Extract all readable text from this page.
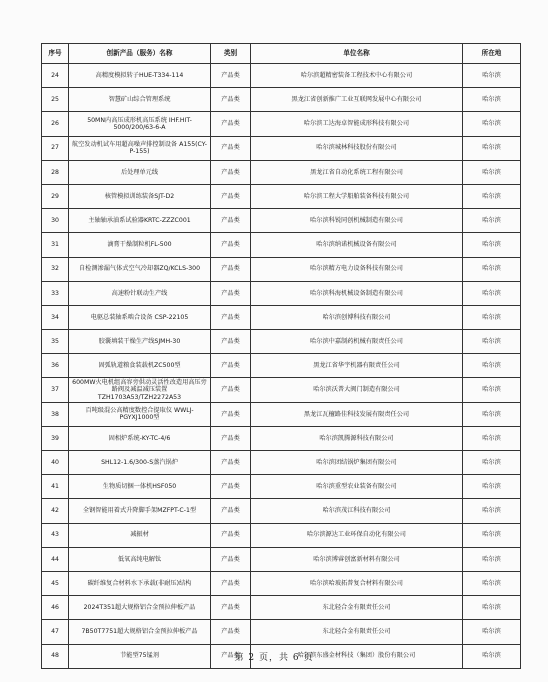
序号	创新产品（服务）名称	类别	单位名称	所在地
24	高精度模拟转子HUE-T334-114	产品类	哈尔滨超精密装备工程技术中心有限公司	哈尔滨
25	智慧矿山综合管理系统	产品类	黑龙江省创新推广工业互联网发展中心有限公司	哈尔滨
26	50MN内高压成形机高压系统 IHF.HIT-5000/200/63-6-A	产品类	哈尔滨工达海卓智能成形科技有限公司	哈尔滨
27	航空发动机试车用超高噪声排控制设备 A155(CY-P-155)	产品类	哈尔滨城林科技股份有限公司	哈尔滨
28	后处理单元线	产品类	黑龙江省自动化系统工程有限公司	哈尔滨
29	核管模拟训练装备SJT-D2	产品类	哈尔滨工程大学船舶装备科技有限公司	哈尔滨
30	主轴轴承油系试验器KRTC-ZZZC001	产品类	哈尔滨科锐同创机械制造有限公司	哈尔滨
31	滴膏干燥制粒机FL-500	产品类	哈尔滨纳诺机械设备有限公司	哈尔滨
32	自检测渗漏气体式空气冷却器ZQ/KCLS-300	产品类	哈尔滨精方电力设备科技有限公司	哈尔滨
33	高速粉针联动生产线	产品类	哈尔滨科海机械设备制造有限公司	哈尔滨
34	电驱总装轴系啮合设备 CSP-22105	产品类	哈尔滨创博科技有限公司	哈尔滨
35	胶囊填装干燥生产线SJMH-30	产品类	哈尔滨中嘉制药机械有限责任公司	哈尔滨
36	固弧轨道粮食装载机ZC500型	产品类	黑龙江省华宇机器有限责任公司	哈尔滨
37	600MW火电机组高容旁供动灵活性改造用高压旁路阀及减温减压装置 TZH1703A53/TZH2272A53	产品类	哈尔滨沃普大阀门制造有限公司	哈尔滨
38	百吨级混公高精度数控合提取仪 WWLJ-PGYXJ1000型	产品类	黑龙江瓦檀路佳科技发展有限责任公司	哈尔滨
39	固相炉系统-KY-TC-4/6	产品类	哈尔滨凯腾源科技有限公司	哈尔滨
40	SHL12-1.6/300-S蒸汽锅炉	产品类	哈尔滨团结锅炉集团有限公司	哈尔滨
41	生物质切捆一体机HSF050	产品类	哈尔滨重型农业装备有限公司	哈尔滨
42	全钢智能用着式升降脚手架MZFPT-C-1型	产品类	哈尔滨茂江科技有限公司	哈尔滨
43	减振材	产品类	哈尔滨源达工业环保自动化有限公司	哈尔滨
44	低氧高纯电解钛	产品类	哈尔滨博睿创富新材料有限公司	哈尔滨
45	碳纤维复合材料水下承载(非耐压)结构	产品类	哈尔滨哈玻拓普复合材料有限公司	哈尔滨
46	2024T351超大规格铝合金预拉伸板产品	产品类	东北轻合金有限责任公司	哈尔滨
47	7B50T7751超大规格铝合金预拉伸板产品	产品类	东北轻合金有限责任公司	哈尔滨
48	节能型75锰剂	产品类	哈尔滨东盛金材科技（集团）股份有限公司	哈尔滨
第 2 页，共 6 页
